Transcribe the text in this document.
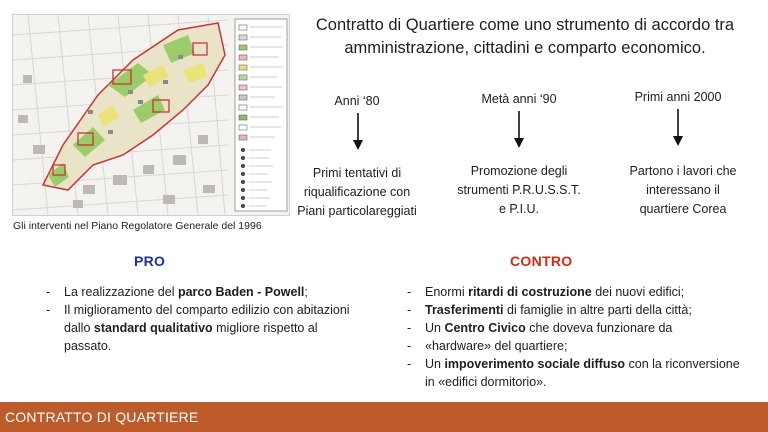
Gli interventi nel Piano Regolatore Generale del 1996
Contratto di Quartiere come uno strumento di accordo tra
amministrazione, cittadini e comparto economico.
Anni ‘80
Primi tentativi di
riqualificazione con
Piani particolareggiati
Metà anni ‘90
Promozione degli
strumenti P.R.U.S.S.T.
e P.I.U.
Primi anni 2000
Partono i lavori che
interessano il
quartiere Corea
PRO
- La realizzazione del parco Baden - Powell;
- Il miglioramento del comparto edilizio con abitazioni dallo standard qualitativo migliore rispetto al passato.
CONTRO
- Enormi ritardi di costruzione dei nuovi edifici;
- Trasferimenti di famiglie in altre parti della città;
- Un Centro Civico che doveva funzionare da
- «hardware» del quartiere;
- Un impoverimento sociale diffuso con la riconversione in «edifici dormitorio».
CONTRATTO DI QUARTIERE
